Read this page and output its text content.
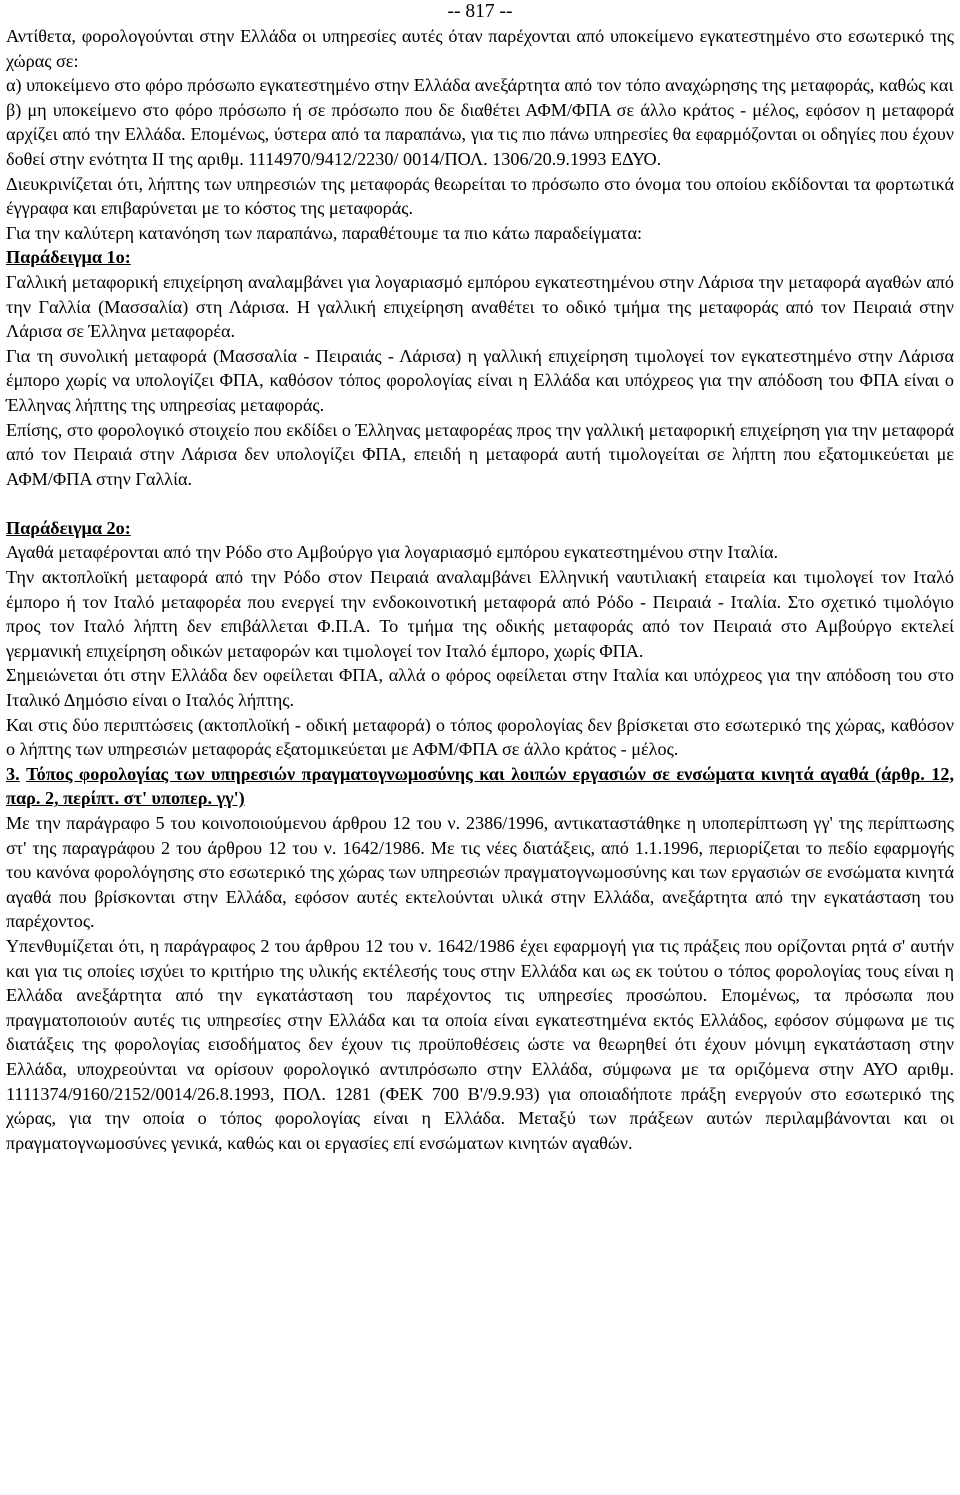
-- 817 --

Αντίθετα, φορολογούνται στην Ελλάδα οι υπηρεσίες αυτές όταν παρέχονται από υποκείμενο εγκατεστημένο στο εσωτερικό της χώρας σε:

α) υποκείμενο στο φόρο πρόσωπο εγκατεστημένο στην Ελλάδα ανεξάρτητα από τον τόπο αναχώρησης της μεταφοράς, καθώς και

β) μη υποκείμενο στο φόρο πρόσωπο ή σε πρόσωπο που δε διαθέτει ΑΦΜ/ΦΠΑ σε άλλο κράτος - μέλος, εφόσον η μεταφορά αρχίζει από την Ελλάδα. Επομένως, ύστερα από τα παραπάνω, για τις πιο πάνω υπηρεσίες θα εφαρμόζονται οι οδηγίες που έχουν δοθεί στην ενότητα ΙΙ της αριθμ. 1114970/9412/2230/ 0014/ΠΟΛ. 1306/20.9.1993 ΕΔΥΟ.

Διευκρινίζεται ότι, λήπτης των υπηρεσιών της μεταφοράς θεωρείται το πρόσωπο στο όνομα του οποίου εκδίδονται τα φορτωτικά έγγραφα και επιβαρύνεται με το κόστος της μεταφοράς.

Για την καλύτερη κατανόηση των παραπάνω, παραθέτουμε τα πιο κάτω παραδείγματα:

Παράδειγμα 1ο:

Γαλλική μεταφορική επιχείρηση αναλαμβάνει για λογαριασμό εμπόρου εγκατεστημένου στην Λάρισα την μεταφορά αγαθών από την Γαλλία (Μασσαλία) στη Λάρισα. Η γαλλική επιχείρηση αναθέτει το οδικό τμήμα της μεταφοράς από τον Πειραιά στην Λάρισα σε Έλληνα μεταφορέα.

Για τη συνολική μεταφορά (Μασσαλία - Πειραιάς - Λάρισα) η γαλλική επιχείρηση τιμολογεί τον εγκατεστημένο στην Λάρισα έμπορο χωρίς να υπολογίζει ΦΠΑ, καθόσον τόπος φορολογίας είναι η Ελλάδα και υπόχρεος για την απόδοση του ΦΠΑ είναι ο Έλληνας λήπτης της υπηρεσίας μεταφοράς.

Επίσης, στο φορολογικό στοιχείο που εκδίδει ο Έλληνας μεταφορέας προς την γαλλική μεταφορική επιχείρηση για την μεταφορά από τον Πειραιά στην Λάρισα δεν υπολογίζει ΦΠΑ, επειδή η μεταφορά αυτή τιμολογείται σε λήπτη που εξατομικεύεται με ΑΦΜ/ΦΠΑ στην Γαλλία.

Παράδειγμα 2ο:

Αγαθά μεταφέρονται από την Ρόδο στο Αμβούργο για λογαριασμό εμπόρου εγκατεστημένου στην Ιταλία.

Την ακτοπλοϊκή μεταφορά από την Ρόδο στον Πειραιά αναλαμβάνει Ελληνική ναυτιλιακή εταιρεία και τιμολογεί τον Ιταλό έμπορο ή τον Ιταλό μεταφορέα που ενεργεί την ενδοκοινοτική μεταφορά από Ρόδο - Πειραιά - Ιταλία. Στο σχετικό τιμολόγιο προς τον Ιταλό λήπτη δεν επιβάλλεται Φ.Π.Α. Το τμήμα της οδικής μεταφοράς από τον Πειραιά στο Αμβούργο εκτελεί γερμανική επιχείρηση οδικών μεταφορών και τιμολογεί τον Ιταλό έμπορο, χωρίς ΦΠΑ.

Σημειώνεται ότι στην Ελλάδα δεν οφείλεται ΦΠΑ, αλλά ο φόρος οφείλεται στην Ιταλία και υπόχρεος για την απόδοση του στο Ιταλικό Δημόσιο είναι ο Ιταλός λήπτης.

Και στις δύο περιπτώσεις (ακτοπλοϊκή - οδική μεταφορά) ο τόπος φορολογίας δεν βρίσκεται στο εσωτερικό της χώρας, καθόσον ο λήπτης των υπηρεσιών μεταφοράς εξατομικεύεται με ΑΦΜ/ΦΠΑ σε άλλο κράτος - μέλος.

3. Τόπος φορολογίας των υπηρεσιών πραγματογνωμοσύνης και λοιπών εργασιών σε ενσώματα κινητά αγαθά (άρθρ. 12, παρ. 2, περίπτ. στ' υποπερ. γγ')

Με την παράγραφο 5 του κοινοποιούμενου άρθρου 12 του ν. 2386/1996, αντικαταστάθηκε η υποπερίπτωση γγ' της περίπτωσης στ' της παραγράφου 2 του άρθρου 12 του ν. 1642/1986. Με τις νέες διατάξεις, από 1.1.1996, περιορίζεται το πεδίο εφαρμογής του κανόνα φορολόγησης στο εσωτερικό της χώρας των υπηρεσιών πραγματογνωμοσύνης και των εργασιών σε ενσώματα κινητά αγαθά που βρίσκονται στην Ελλάδα, εφόσον αυτές εκτελούνται υλικά στην Ελλάδα, ανεξάρτητα από την εγκατάσταση του παρέχοντος.

Υπενθυμίζεται ότι, η παράγραφος 2 του άρθρου 12 του ν. 1642/1986 έχει εφαρμογή για τις πράξεις που ορίζονται ρητά σ' αυτήν και για τις οποίες ισχύει το κριτήριο της υλικής εκτέλεσής τους στην Ελλάδα και ως εκ τούτου ο τόπος φορολογίας τους είναι η Ελλάδα ανεξάρτητα από την εγκατάσταση του παρέχοντος τις υπηρεσίες προσώπου. Επομένως, τα πρόσωπα που πραγματοποιούν αυτές τις υπηρεσίες στην Ελλάδα και τα οποία είναι εγκατεστημένα εκτός Ελλάδος, εφόσον σύμφωνα με τις διατάξεις της φορολογίας εισοδήματος δεν έχουν τις προϋποθέσεις ώστε να θεωρηθεί ότι έχουν μόνιμη εγκατάσταση στην Ελλάδα, υποχρεούνται να ορίσουν φορολογικό αντιπρόσωπο στην Ελλάδα, σύμφωνα με τα οριζόμενα στην ΑΥΟ αριθμ. 1111374/9160/2152/0014/26.8.1993, ΠΟΛ. 1281 (ΦΕΚ 700 Β'/9.9.93) για οποιαδήποτε πράξη ενεργούν στο εσωτερικό της χώρας, για την οποία ο τόπος φορολογίας είναι η Ελλάδα. Μεταξύ των πράξεων αυτών περιλαμβάνονται και οι πραγματογνωμοσύνες γενικά, καθώς και οι εργασίες επί ενσώματων κινητών αγαθών.
